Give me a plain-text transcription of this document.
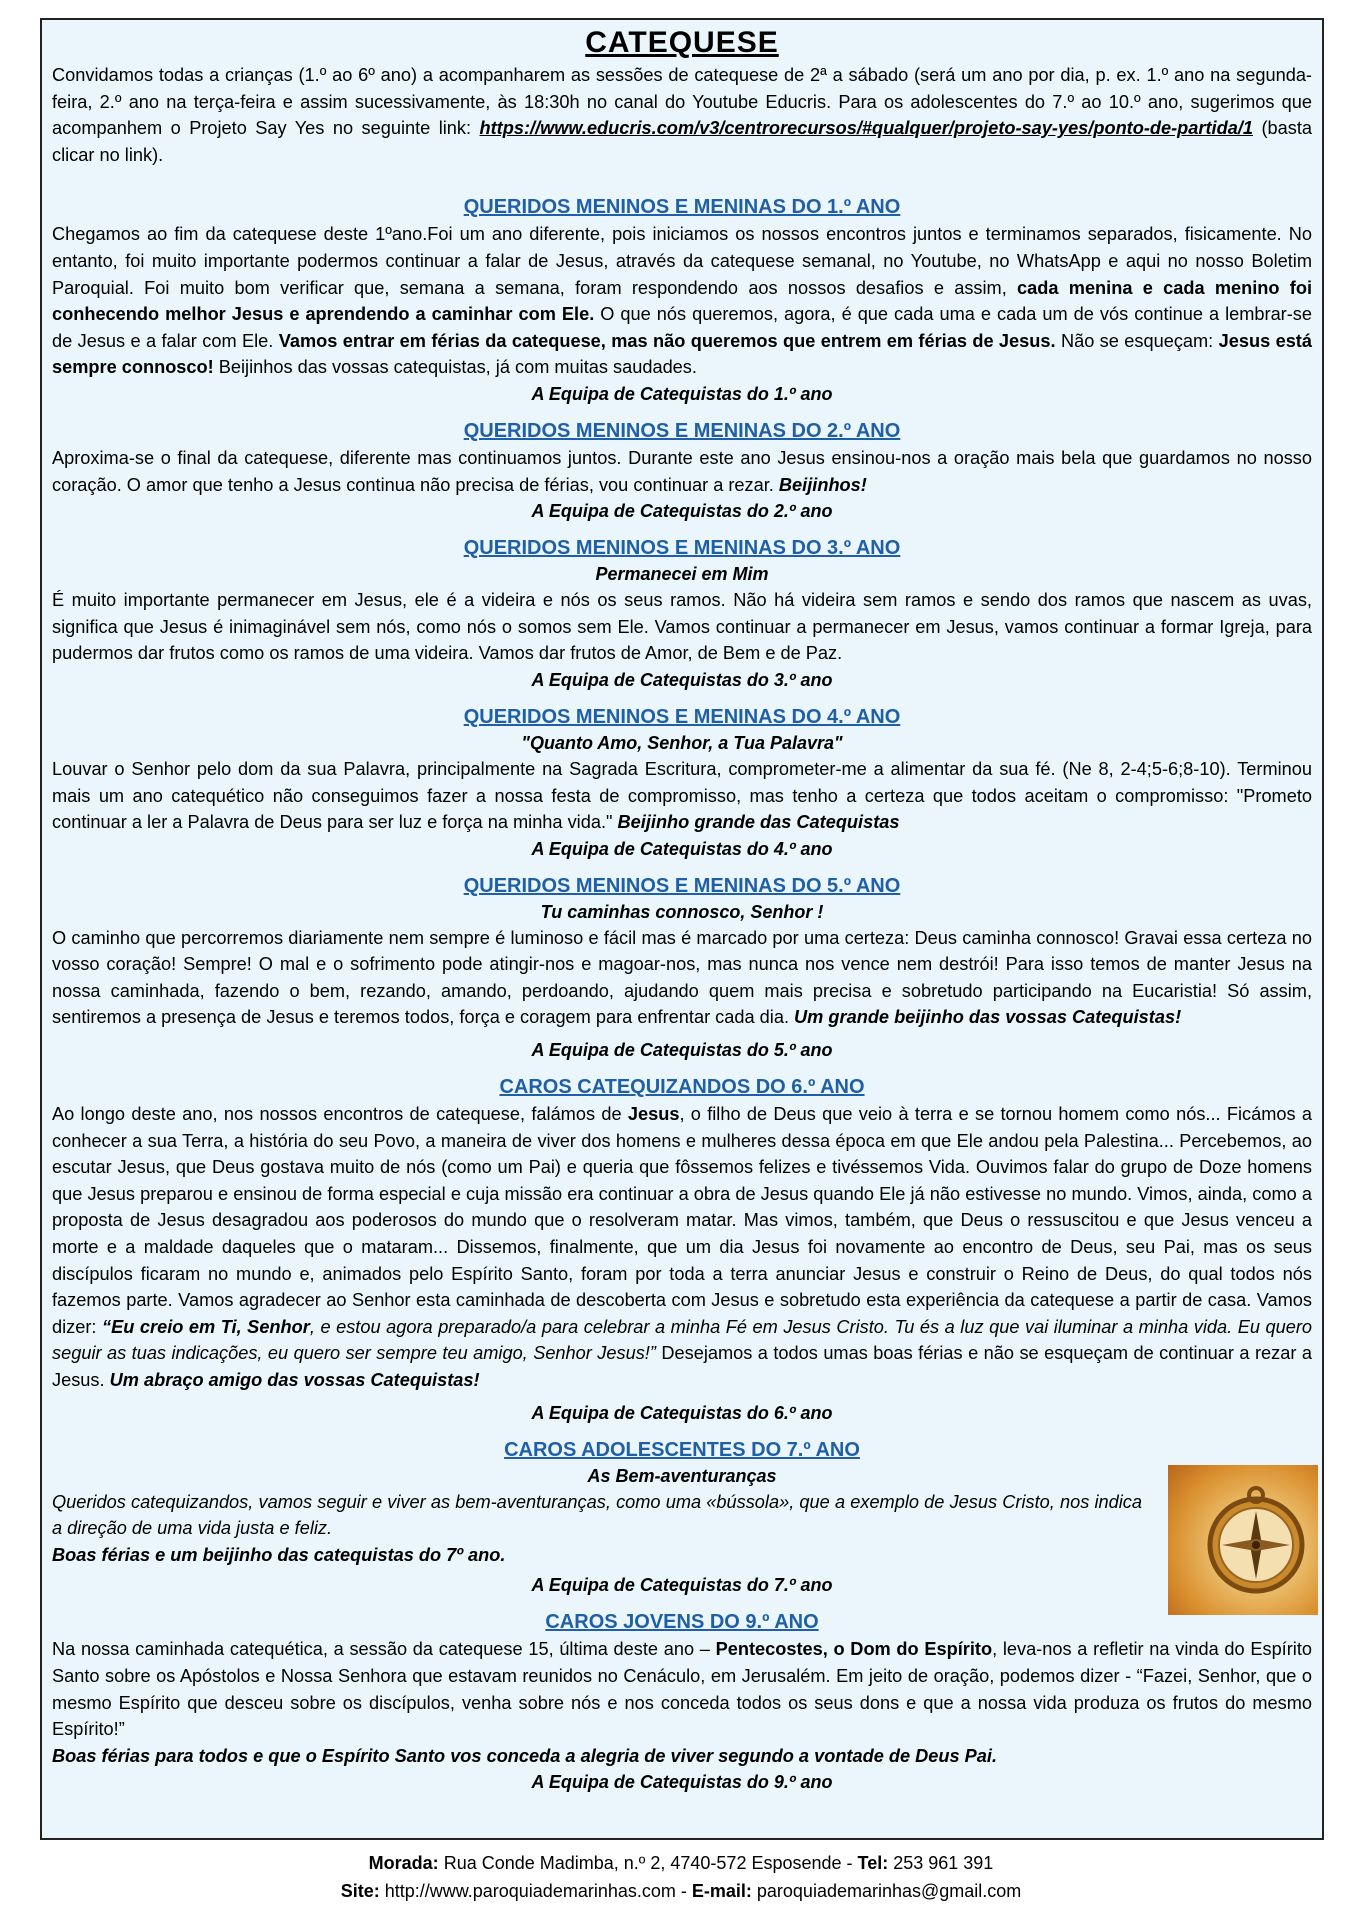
CATEQUESE

Convidamos todas a crianças (1.º ao 6º ano) a acompanharem as sessões de catequese de 2ª a sábado (será um ano por dia, p. ex. 1.º ano na segunda-feira, 2.º ano na terça-feira e assim sucessivamente, às 18:30h no canal do Youtube Educris. Para os adolescentes do 7.º ao 10.º ano, sugerimos que acompanhem o Projeto Say Yes no seguinte link: https://www.educris.com/v3/centrorecursos/#qualquer/projeto-say-yes/ponto-de-partida/1 (basta clicar no link).

QUERIDOS MENINOS E MENINAS DO 1.º ANO

Chegamos ao fim da catequese deste 1ºano.Foi um ano diferente, pois iniciamos os nossos encontros juntos e terminamos separados, fisicamente. No entanto, foi muito importante podermos continuar a falar de Jesus, através da catequese semanal, no Youtube, no WhatsApp e aqui no nosso Boletim Paroquial. Foi muito bom verificar que, semana a semana, foram respondendo aos nossos desafios e assim, cada menina e cada menino foi conhecendo melhor Jesus e aprendendo a caminhar com Ele. O que nós queremos, agora, é que cada uma e cada um de vós continue a lembrar-se de Jesus e a falar com Ele. Vamos entrar em férias da catequese, mas não queremos que entrem em férias de Jesus. Não se esqueçam: Jesus está sempre connosco! Beijinhos das vossas catequistas, já com muitas saudades.

A Equipa de Catequistas do 1.º ano
QUERIDOS MENINOS E MENINAS DO 2.º ANO

Aproxima-se o final da catequese, diferente mas continuamos juntos. Durante este ano Jesus ensinou-nos a oração mais bela que guardamos no nosso coração. O amor que tenho a Jesus continua não precisa de férias, vou continuar a rezar. Beijinhos!

A Equipa de Catequistas do 2.º ano
QUERIDOS MENINOS E MENINAS DO 3.º ANO
Permanecei em Mim

É muito importante permanecer em Jesus, ele é a videira e nós os seus ramos. Não há videira sem ramos e sendo dos ramos que nascem as uvas, significa que Jesus é inimaginável sem nós, como nós o somos sem Ele. Vamos continuar a permanecer em Jesus, vamos continuar a formar Igreja, para pudermos dar frutos como os ramos de uma videira. Vamos dar frutos de Amor, de Bem e de Paz.

A Equipa de Catequistas do 3.º ano
QUERIDOS MENINOS E MENINAS DO 4.º ANO
"Quanto Amo, Senhor, a Tua Palavra"

Louvar o Senhor pelo dom da sua Palavra, principalmente na Sagrada Escritura, comprometer-me a alimentar da sua fé. (Ne 8, 2-4;5-6;8-10). Terminou mais um ano catequético não conseguimos fazer a nossa festa de compromisso, mas tenho a certeza que todos aceitam o compromisso: "Prometo continuar a ler a Palavra de Deus para ser luz e força na minha vida." Beijinho grande das Catequistas

A Equipa de Catequistas do 4.º ano
QUERIDOS MENINOS E MENINAS DO 5.º ANO
Tu caminhas connosco, Senhor !

O caminho que percorremos diariamente nem sempre é luminoso e fácil mas é marcado por uma certeza: Deus caminha connosco! Gravai essa certeza no vosso coração! Sempre! O mal e o sofrimento pode atingir-nos e magoar-nos, mas nunca nos vence nem destrói! Para isso temos de manter Jesus na nossa caminhada, fazendo o bem, rezando, amando, perdoando, ajudando quem mais precisa e sobretudo participando na Eucaristia! Só assim, sentiremos a presença de Jesus e teremos todos, força e coragem para enfrentar cada dia. Um grande beijinho das vossas Catequistas!

A Equipa de Catequistas do 5.º ano
CAROS CATEQUIZANDOS DO 6.º ANO

Ao longo deste ano, nos nossos encontros de catequese, falámos de Jesus, o filho de Deus que veio à terra e se tornou homem como nós... Ficámos a conhecer a sua Terra, a história do seu Povo, a maneira de viver dos homens e mulheres dessa época em que Ele andou pela Palestina... Percebemos, ao escutar Jesus, que Deus gostava muito de nós (como um Pai) e queria que fôssemos felizes e tivéssemos Vida. Ouvimos falar do grupo de Doze homens que Jesus preparou e ensinou de forma especial e cuja missão era continuar a obra de Jesus quando Ele já não estivesse no mundo. Vimos, ainda, como a proposta de Jesus desagradou aos poderosos do mundo que o resolveram matar. Mas vimos, também, que Deus o ressuscitou e que Jesus venceu a morte e a maldade daqueles que o mataram... Dissemos, finalmente, que um dia Jesus foi novamente ao encontro de Deus, seu Pai, mas os seus discípulos ficaram no mundo e, animados pelo Espírito Santo, foram por toda a terra anunciar Jesus e construir o Reino de Deus, do qual todos nós fazemos parte. Vamos agradecer ao Senhor esta caminhada de descoberta com Jesus e sobretudo esta experiência da catequese a partir de casa. Vamos dizer: “Eu creio em Ti, Senhor, e estou agora preparado/a para celebrar a minha Fé em Jesus Cristo. Tu és a luz que vai iluminar a minha vida. Eu quero seguir as tuas indicações, eu quero ser sempre teu amigo, Senhor Jesus!” Desejamos a todos umas boas férias e não se esqueçam de continuar a rezar a Jesus. Um abraço amigo das vossas Catequistas!

A Equipa de Catequistas do 6.º ano
CAROS ADOLESCENTES DO 7.º ANO
As Bem-aventuranças

Queridos catequizandos, vamos seguir e viver as bem-aventuranças, como uma «bússola», que a exemplo de Jesus Cristo, nos indica a direção de uma vida justa e feliz.

Boas férias e um beijinho das catequistas do 7º ano.

A Equipa de Catequistas do 7.º ano
CAROS JOVENS DO 9.º ANO

Na nossa caminhada catequética, a sessão da catequese 15, última deste ano – Pentecostes, o Dom do Espírito, leva-nos a refletir na vinda do Espírito Santo sobre os Apóstolos e Nossa Senhora que estavam reunidos no Cenáculo, em Jerusalém. Em jeito de oração, podemos dizer - “Fazei, Senhor, que o mesmo Espírito que desceu sobre os discípulos, venha sobre nós e nos conceda todos os seus dons e que a nossa vida produza os frutos do mesmo Espírito!”

Boas férias para todos e que o Espírito Santo vos conceda a alegria de viver segundo a vontade de Deus Pai.

A Equipa de Catequistas do 9.º ano
Morada: Rua Conde Madimba, n.º 2, 4740-572 Esposende - Tel: 253 961 391
Site: http://www.paroquiademarinhas.com - E-mail: paroquiademarinhas@gmail.com
